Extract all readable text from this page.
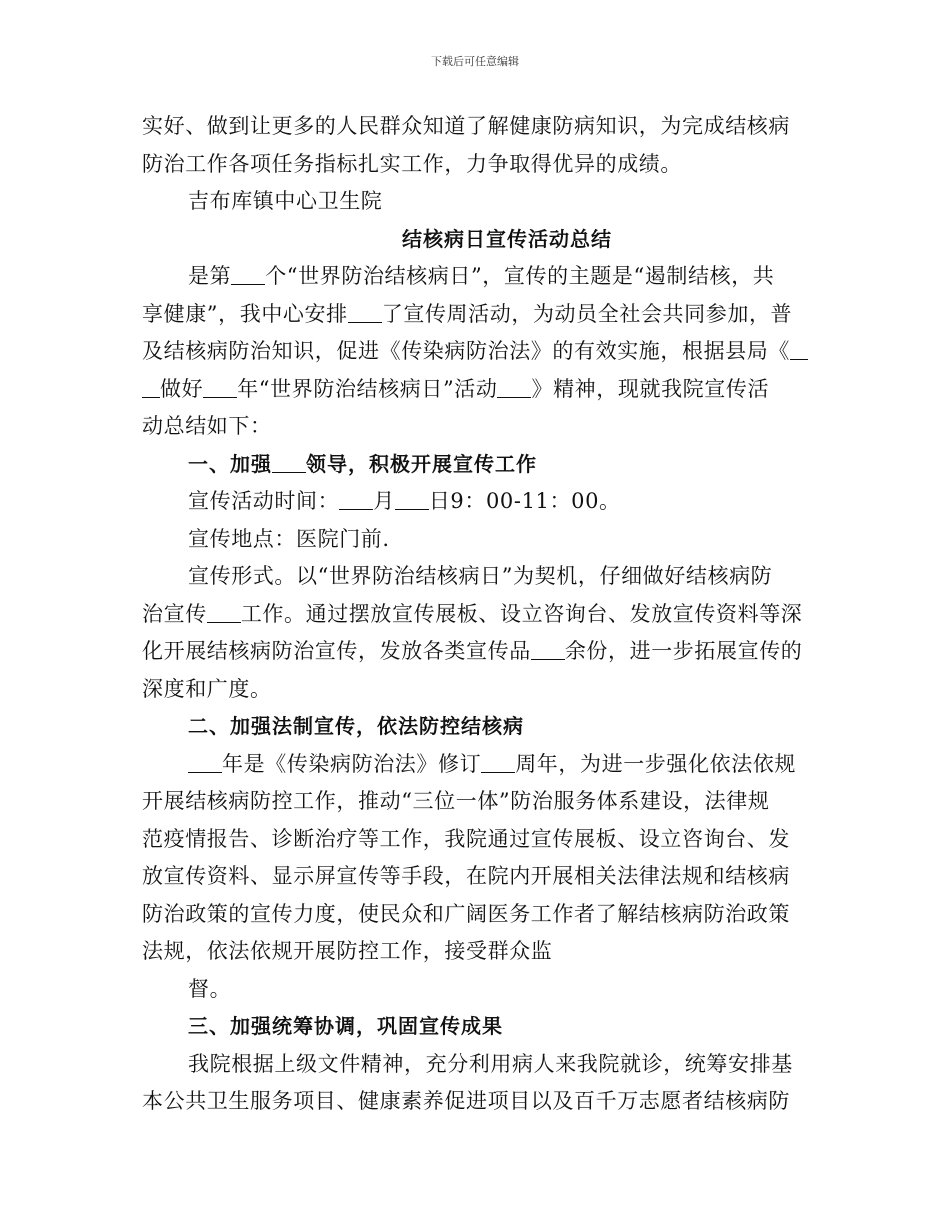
下载后可任意编辑
实好、做到让更多的人民群众知道了解健康防病知识，为完成结核病
防治工作各项任务指标扎实工作，力争取得优异的成绩。
吉布库镇中心卫生院
结核病日宣传活动总结
是第 个“世界防治结核病日”，宣传的主题是“遏制结核，共
享健康”，我中心安排 了宣传周活动，为动员全社会共同参加，普
及结核病防治知识，促进《传染病防治法》的有效实施，根据县局《
做好 年“世界防治结核病日”活动 》精神，现就我院宣传活
动总结如下：
一、加强 领导，积极开展宣传工作
宣传活动时间： 月 日9：00-11：00。
宣传地点：医院门前.
宣传形式。以“世界防治结核病日”为契机，仔细做好结核病防
治宣传 工作。通过摆放宣传展板、设立咨询台、发放宣传资料等深
化开展结核病防治宣传，发放各类宣传品 余份，进一步拓展宣传的
深度和广度。
二、加强法制宣传，依法防控结核病
年是《传染病防治法》修订 周年，为进一步强化依法依规
开展结核病防控工作，推动“三位一体”防治服务体系建设，法律规
范疫情报告、诊断治疗等工作，我院通过宣传展板、设立咨询台、发
放宣传资料、显示屏宣传等手段，在院内开展相关法律法规和结核病
防治政策的宣传力度，使民众和广阔医务工作者了解结核病防治政策
法规，依法依规开展防控工作，接受群众监
督。
三、加强统筹协调，巩固宣传成果
我院根据上级文件精神，充分利用病人来我院就诊，统筹安排基
本公共卫生服务项目、健康素养促进项目以及百千万志愿者结核病防
